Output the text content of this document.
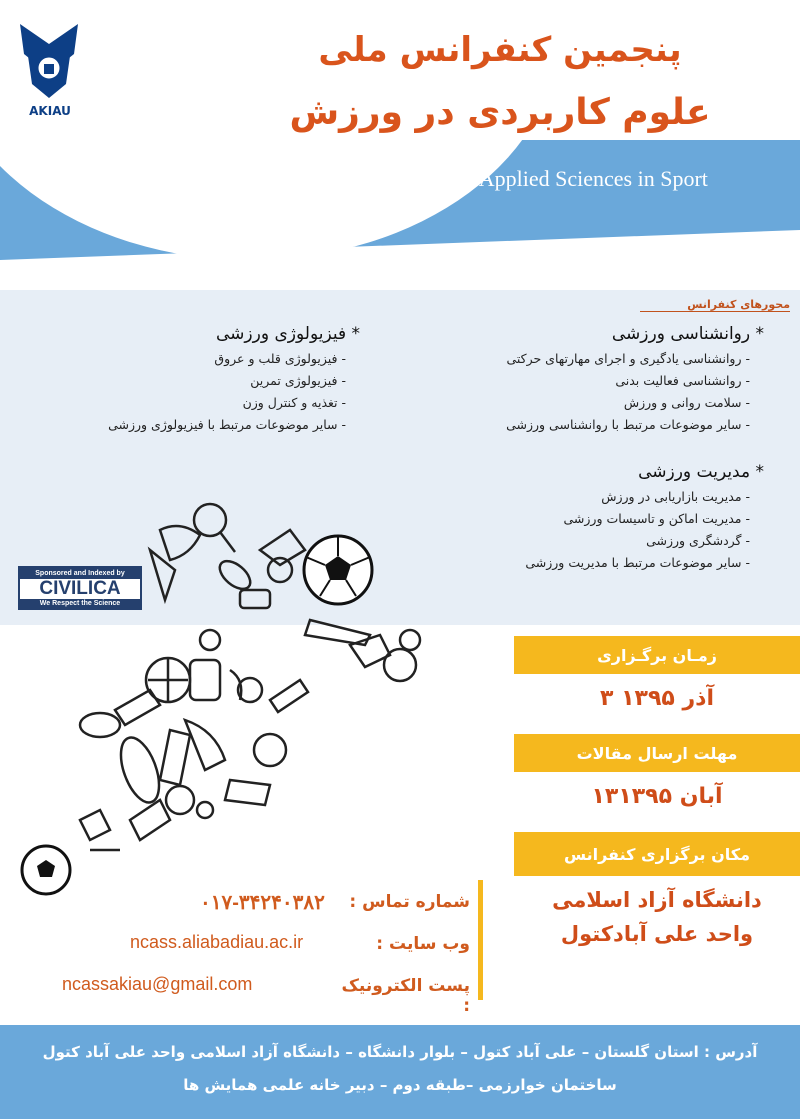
AKIAU
پنجمین کنفرانس ملی
علوم کاربردی در ورزش
5 th
National Conference of Applied Sciences in Sport
محورهای کنفرانس
* روانشناسی ورزشی
- روانشناسی یادگیری و اجرای مهارتهای حرکتی
- روانشناسی فعالیت بدنی
- سلامت روانی و ورزش
- سایر موضوعات مرتبط با روانشناسی ورزشی
* فیزیولوژی ورزشی
- فیزیولوژی قلب و عروق
- فیزیولوژی تمرین
- تغذیه و کنترل وزن
- سایر موضوعات مرتبط با فیزیولوژی ورزشی
* مدیریت ورزشی
- مدیریت بازاریابی در ورزش
- مدیریت اماکن و تاسیسات ورزشی
- گردشگری ورزشی
- سایر موضوعات مرتبط با مدیریت ورزشی
Sponsored and Indexed by
CIVILICA
We Respect the Science
زمـان برگـزاری
۳ آذر ۱۳۹۵
مهلت ارسال مقالات
۱۳آبان ۱۳۹۵
مکان برگزاری کنفرانس
دانشگاه آزاد اسلامی
واحد علی آبادکتول
شماره تماس :
۰۱۷-۳۴۲۴۰۳۸۲
وب سایت :
ncass.aliabadiau.ac.ir
پست الکترونیک :
ncassakiau@gmail.com
آدرس : استان گلستان – علی آباد کتول – بلوار دانشگاه – دانشگاه آزاد اسلامی واحد علی آباد کتول
ساختمان خوارزمی –طبقه دوم – دبیر خانه علمی همایش ها
